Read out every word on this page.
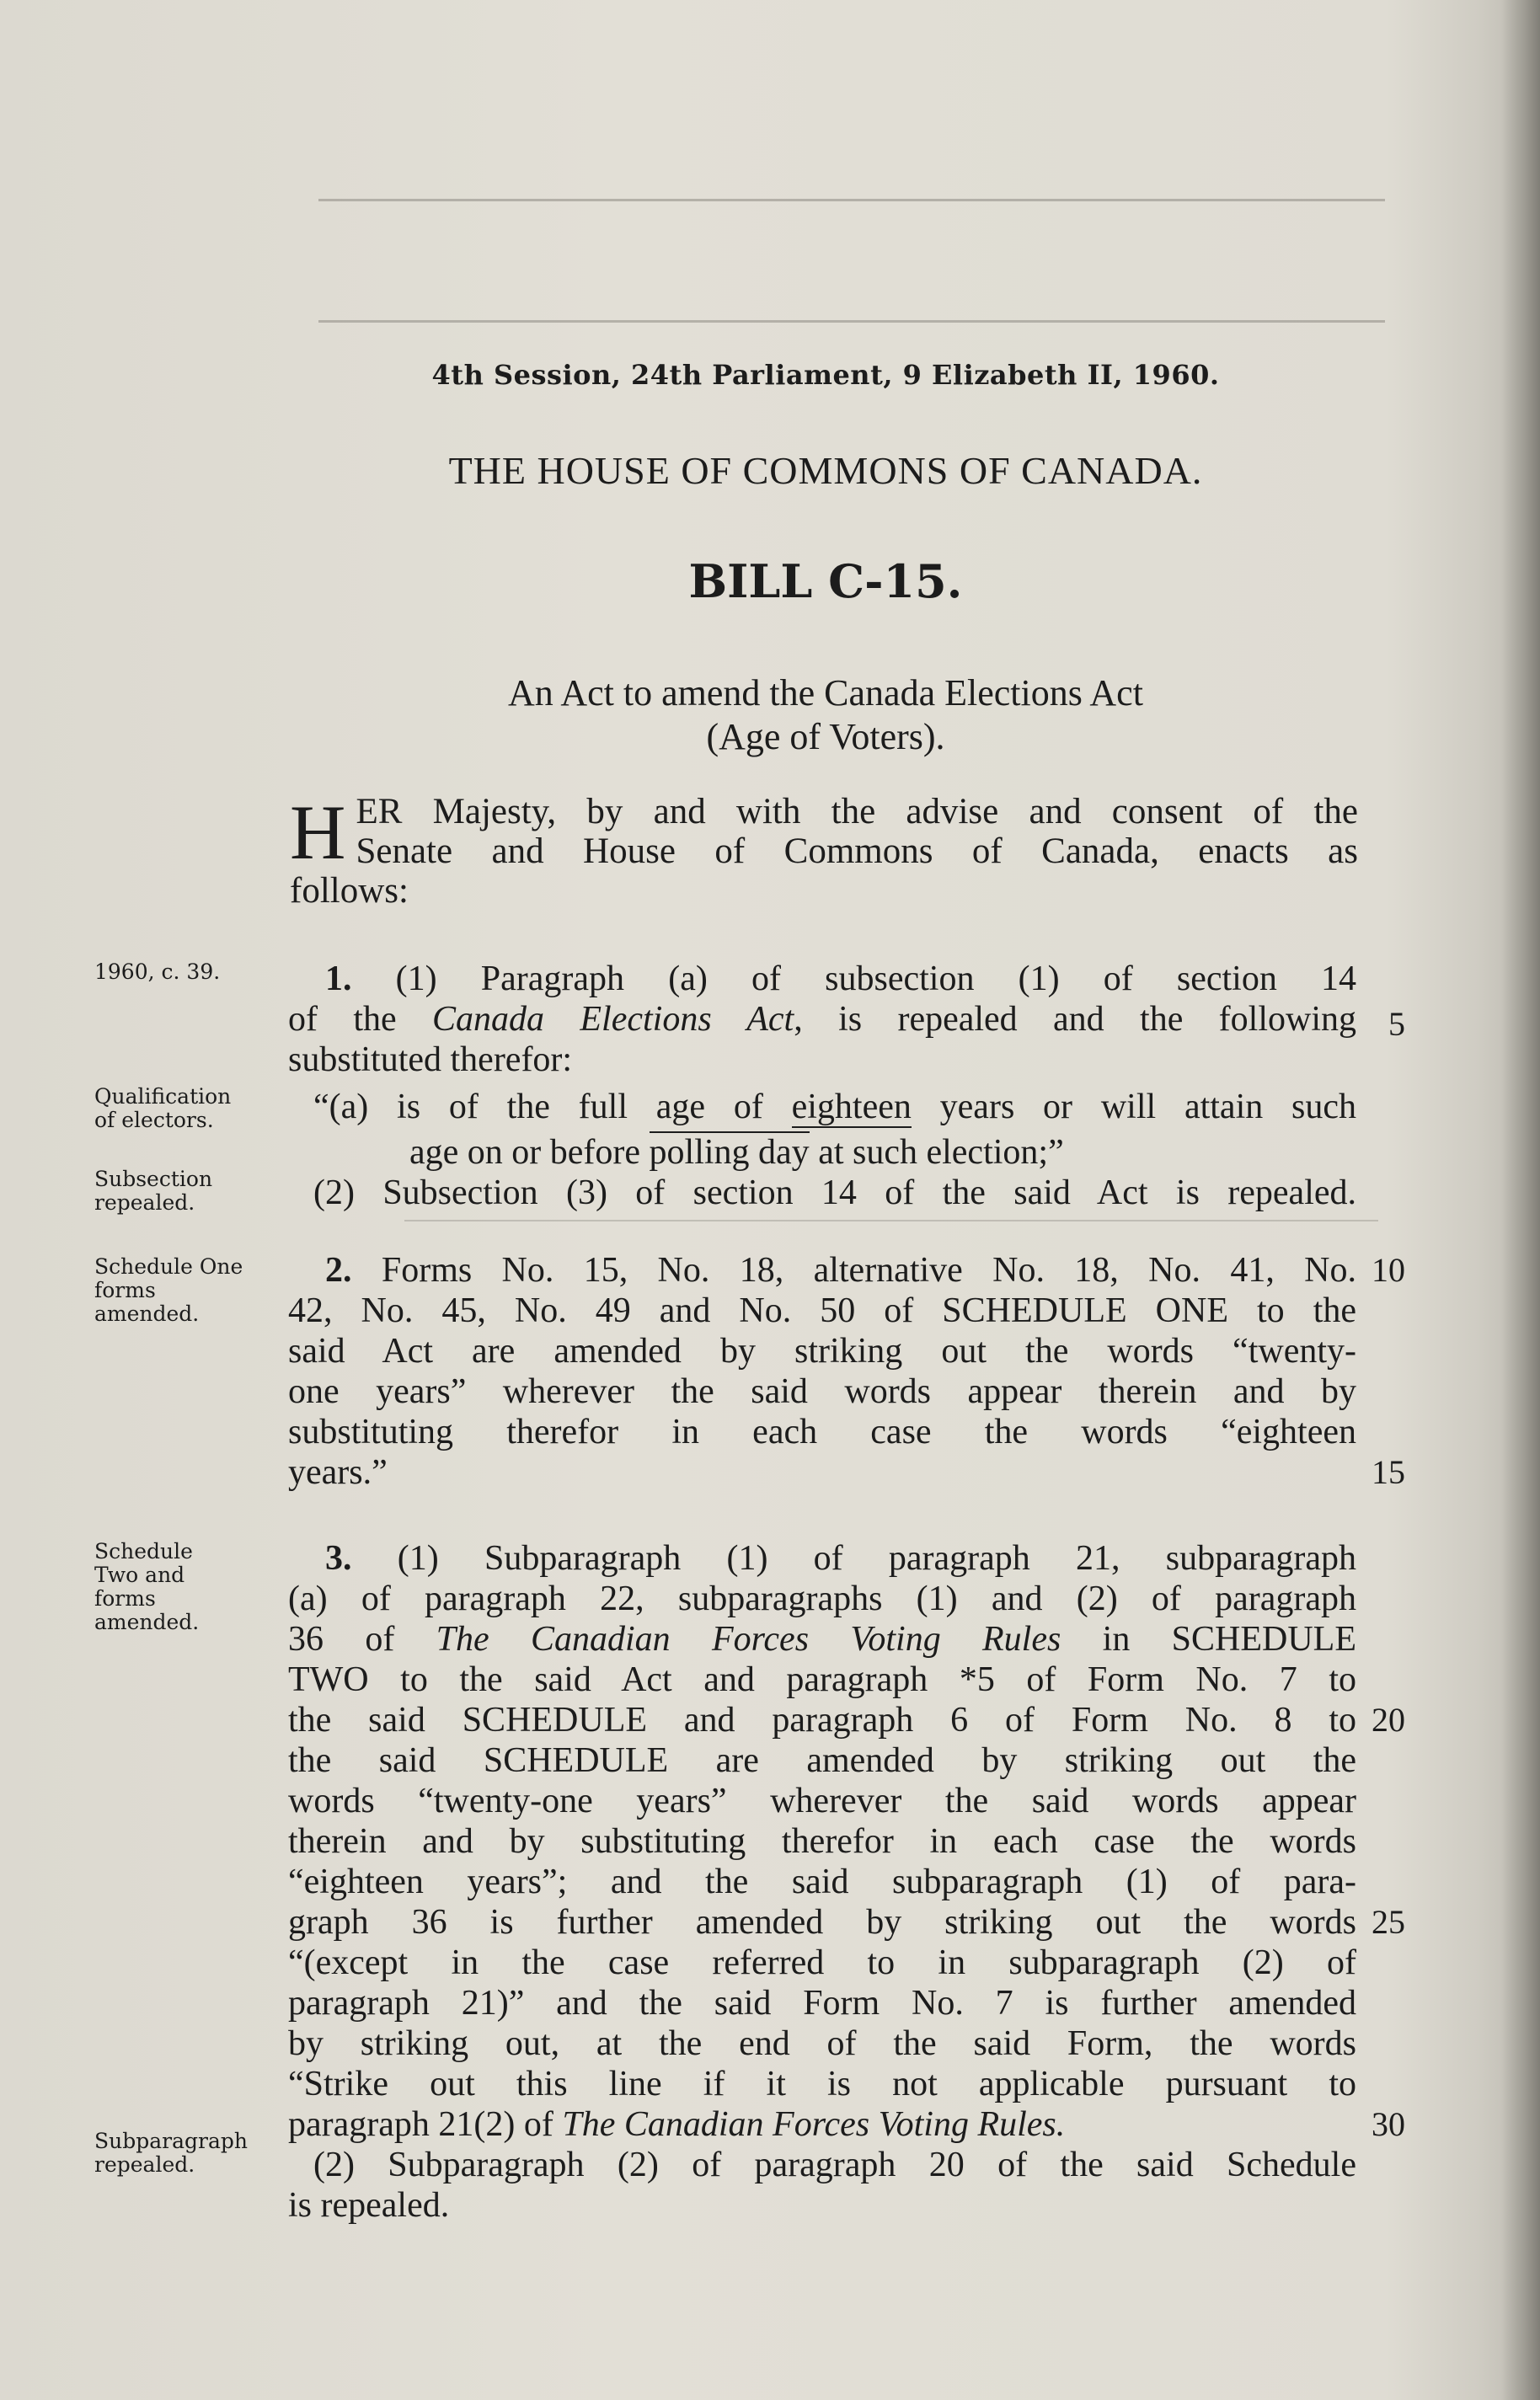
4th Session, 24th Parliament, 9 Elizabeth II, 1960.
THE HOUSE OF COMMONS OF CANADA.
BILL C-15.
An Act to amend the Canada Elections Act
(Age of Voters).
H ER Majesty, by and with the advise and consent of the
Senate and House of Commons of Canada, enacts as
follows:
1960, c. 39.
Qualification
of electors.
Subsection
repealed.
Schedule One
forms
amended.
Schedule
Two and
forms
amended.
Subparagraph
repealed.
1. (1) Paragraph (a) of subsection (1) of section 14
of the Canada Elections Act, is repealed and the following
substituted therefor:
“(a) is of the full age of eighteen years or will attain such
age on or before polling day at such election;”
(2) Subsection (3) of section 14 of the said Act is repealed.
2. Forms No. 15, No. 18, alternative No. 18, No. 41, No.
42, No. 45, No. 49 and No. 50 of SCHEDULE ONE to the
said Act are amended by striking out the words “twenty-
one years” wherever the said words appear therein and by
substituting therefor in each case the words “eighteen
years.”
3. (1) Subparagraph (1) of paragraph 21, subparagraph
(a) of paragraph 22, subparagraphs (1) and (2) of paragraph
36 of The Canadian Forces Voting Rules in SCHEDULE
TWO to the said Act and paragraph *5 of Form No. 7 to
the said SCHEDULE and paragraph 6 of Form No. 8 to
the said SCHEDULE are amended by striking out the
words “twenty-one years” wherever the said words appear
therein and by substituting therefor in each case the words
“eighteen years”; and the said subparagraph (1) of para-
graph 36 is further amended by striking out the words
“(except in the case referred to in subparagraph (2) of
paragraph 21)” and the said Form No. 7 is further amended
by striking out, at the end of the said Form, the words
“Strike out this line if it is not applicable pursuant to
paragraph 21(2) of The Canadian Forces Voting Rules.
(2) Subparagraph (2) of paragraph 20 of the said Schedule
is repealed.
5
10
15
20
25
30
